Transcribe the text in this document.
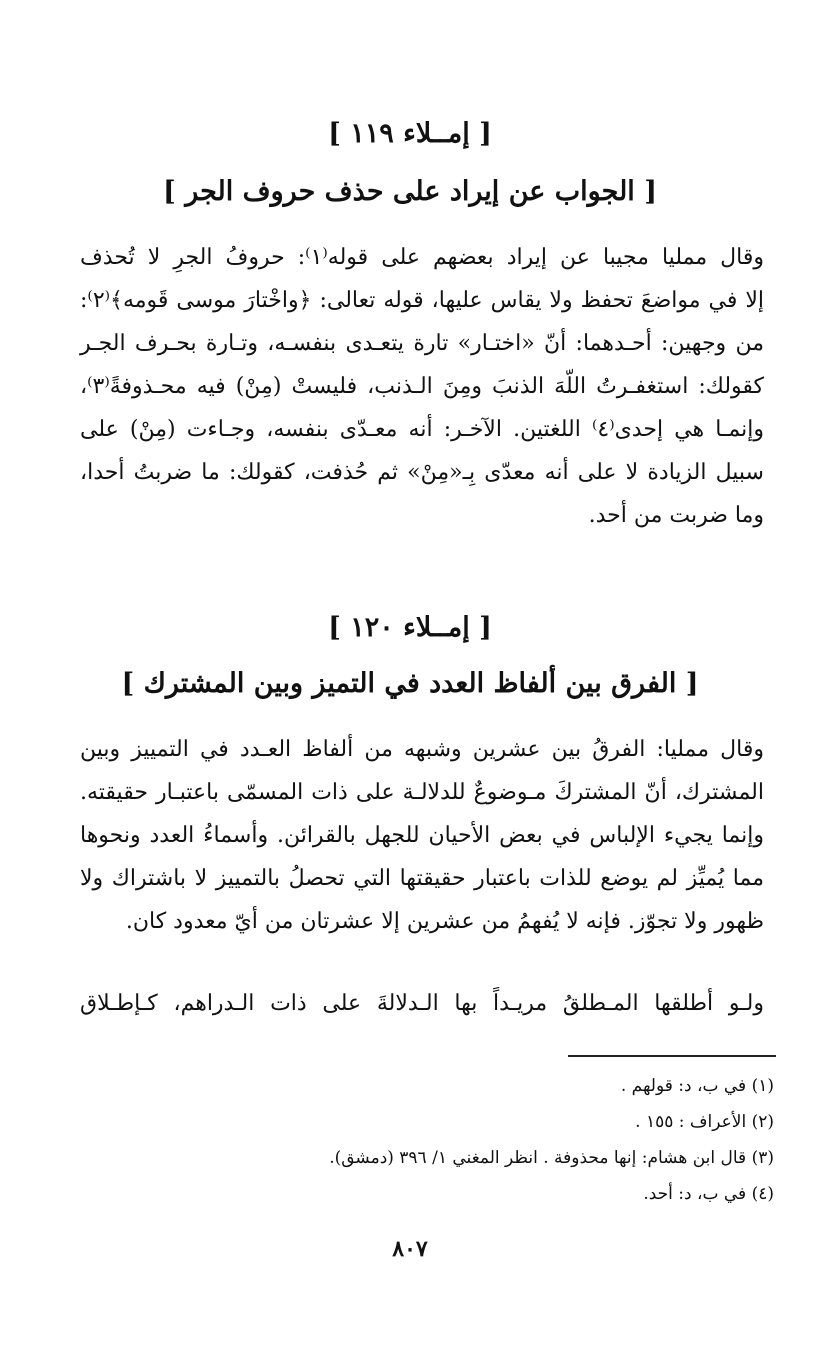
[ إمــلاء ١١٩ ]
[ الجواب عن إيراد على حذف حروف الجر ]
وقال ممليا مجيبا عن إيراد بعضهم على قوله⁽١⁾: حروفُ الجرِ لا تُحذف
إلا في مواضعَ تحفظ ولا يقاس عليها، قوله تعالى: ﴿واخْتارَ موسى قَومه﴾⁽٢⁾:
من وجهين: أحـدهما: أنّ «اختـار» تارة يتعـدى بنفسـه، وتـارة بحـرف الجـر
كقولك: استغفـرتُ اللّهَ الذنبَ ومِنَ الـذنب، فليستْ (مِنْ) فيه محـذوفةً⁽٣⁾،
وإنمـا هي إحدى⁽٤⁾ اللغتين. الآخـر: أنه معـدّى بنفسه، وجـاءت (مِنْ) على
سبيل الزيادة لا على أنه معدّى بِـ«مِنْ» ثم حُذفت، كقولك: ما ضربتُ أحدا،
وما ضربت من أحد.
[ إمــلاء ١٢٠ ]
[ الفرق بين ألفاظ العدد في التميز وبين المشترك ]
وقال ممليا: الفرقُ بين عشرين وشبهه من ألفاظ العـدد في التمييز وبين
المشترك، أنّ المشتركَ مـوضوعٌ للدلالـة على ذات المسمّى باعتبـار حقيقته.
وإنما يجيء الإلباس في بعض الأحيان للجهل بالقرائن. وأسماءُ العدد ونحوها
مما يُميِّز لم يوضع للذات باعتبار حقيقتها التي تحصلُ بالتمييز لا باشتراك ولا
ظهور ولا تجوّز. فإنه لا يُفهمُ من عشرين إلا عشرتان من أيّ معدود كان.
ولـو أطلقها المـطلقُ مريـداً بها الـدلالةَ على ذات الـدراهم، كـإطـلاق
(١) في ب، د: قولهم .
(٢) الأعراف : ١٥٥ .
(٣) قال ابن هشام: إنها محذوفة . انظر المغني ١/ ٣٩٦ (دمشق).
(٤) في ب، د: أحد.
٨٠٧
